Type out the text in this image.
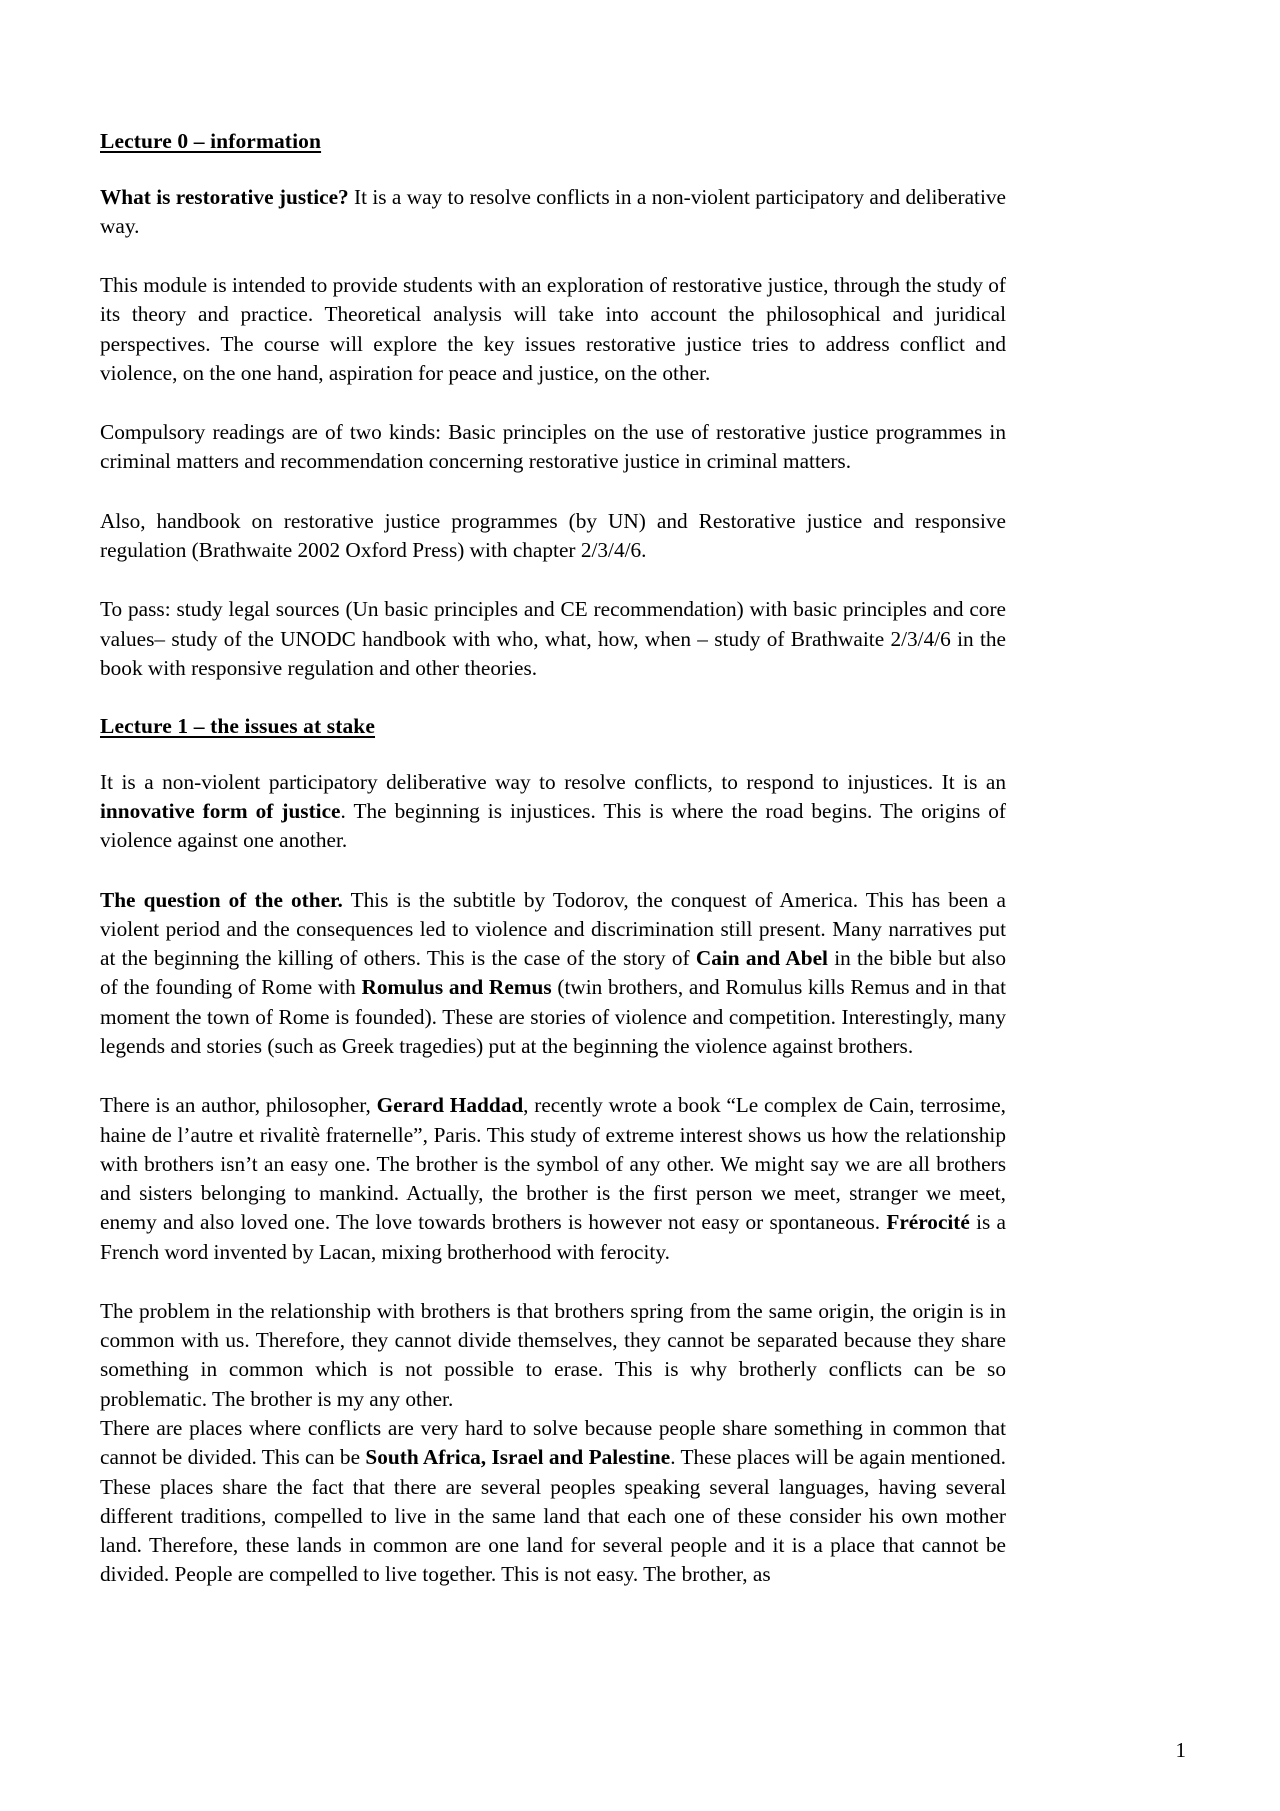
Lecture 0 – information

What is restorative justice? It is a way to resolve conflicts in a non-violent participatory and deliberative way.

This module is intended to provide students with an exploration of restorative justice, through the study of its theory and practice. Theoretical analysis will take into account the philosophical and juridical perspectives. The course will explore the key issues restorative justice tries to address conflict and violence, on the one hand, aspiration for peace and justice, on the other.

Compulsory readings are of two kinds: Basic principles on the use of restorative justice programmes in criminal matters and recommendation concerning restorative justice in criminal matters.

Also, handbook on restorative justice programmes (by UN) and Restorative justice and responsive regulation (Brathwaite 2002 Oxford Press) with chapter 2/3/4/6.

To pass: study legal sources (Un basic principles and CE recommendation) with basic principles and core values– study of the UNODC handbook with who, what, how, when – study of Brathwaite 2/3/4/6 in the book with responsive regulation and other theories.

Lecture 1 – the issues at stake

It is a non-violent participatory deliberative way to resolve conflicts, to respond to injustices. It is an innovative form of justice. The beginning is injustices. This is where the road begins. The origins of violence against one another.

The question of the other. This is the subtitle by Todorov, the conquest of America. This has been a violent period and the consequences led to violence and discrimination still present. Many narratives put at the beginning the killing of others. This is the case of the story of Cain and Abel in the bible but also of the founding of Rome with Romulus and Remus (twin brothers, and Romulus kills Remus and in that moment the town of Rome is founded). These are stories of violence and competition. Interestingly, many legends and stories (such as Greek tragedies) put at the beginning the violence against brothers.

There is an author, philosopher, Gerard Haddad, recently wrote a book “Le complex de Cain, terrosime, haine de l’autre et rivalitè fraternelle”, Paris. This study of extreme interest shows us how the relationship with brothers isn’t an easy one. The brother is the symbol of any other. We might say we are all brothers and sisters belonging to mankind. Actually, the brother is the first person we meet, stranger we meet, enemy and also loved one. The love towards brothers is however not easy or spontaneous. Frérocité is a French word invented by Lacan, mixing brotherhood with ferocity.

The problem in the relationship with brothers is that brothers spring from the same origin, the origin is in common with us. Therefore, they cannot divide themselves, they cannot be separated because they share something in common which is not possible to erase. This is why brotherly conflicts can be so problematic. The brother is my any other.

There are places where conflicts are very hard to solve because people share something in common that cannot be divided. This can be South Africa, Israel and Palestine. These places will be again mentioned. These places share the fact that there are several peoples speaking several languages, having several different traditions, compelled to live in the same land that each one of these consider his own mother land. Therefore, these lands in common are one land for several people and it is a place that cannot be divided. People are compelled to live together. This is not easy. The brother, as

1
